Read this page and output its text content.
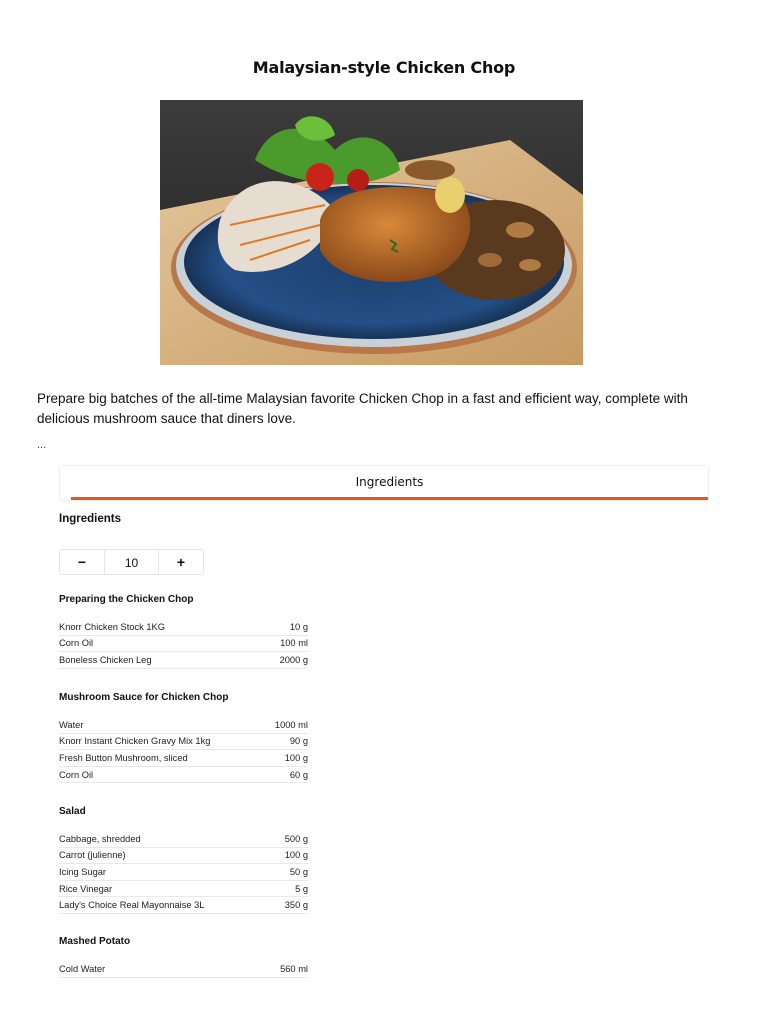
Malaysian-style Chicken Chop
Prepare big batches of the all-time Malaysian favorite Chicken Chop in a fast and efficient way, complete with delicious mushroom sauce that diners love.
...
Ingredients
Ingredients
−	10	+
Preparing the Chicken Chop
Knorr Chicken Stock 1KG	10 g
Corn Oil	100 ml
Boneless Chicken Leg	2000 g
Mushroom Sauce for Chicken Chop
Water	1000 ml
Knorr Instant Chicken Gravy Mix 1kg	90 g
Fresh Button Mushroom, sliced	100 g
Corn Oil	60 g
Salad
Cabbage, shredded	500 g
Carrot (julienne)	100 g
Icing Sugar	50 g
Rice Vinegar	5 g
Lady's Choice Real Mayonnaise 3L	350 g
Mashed Potato
Cold Water	560 ml
